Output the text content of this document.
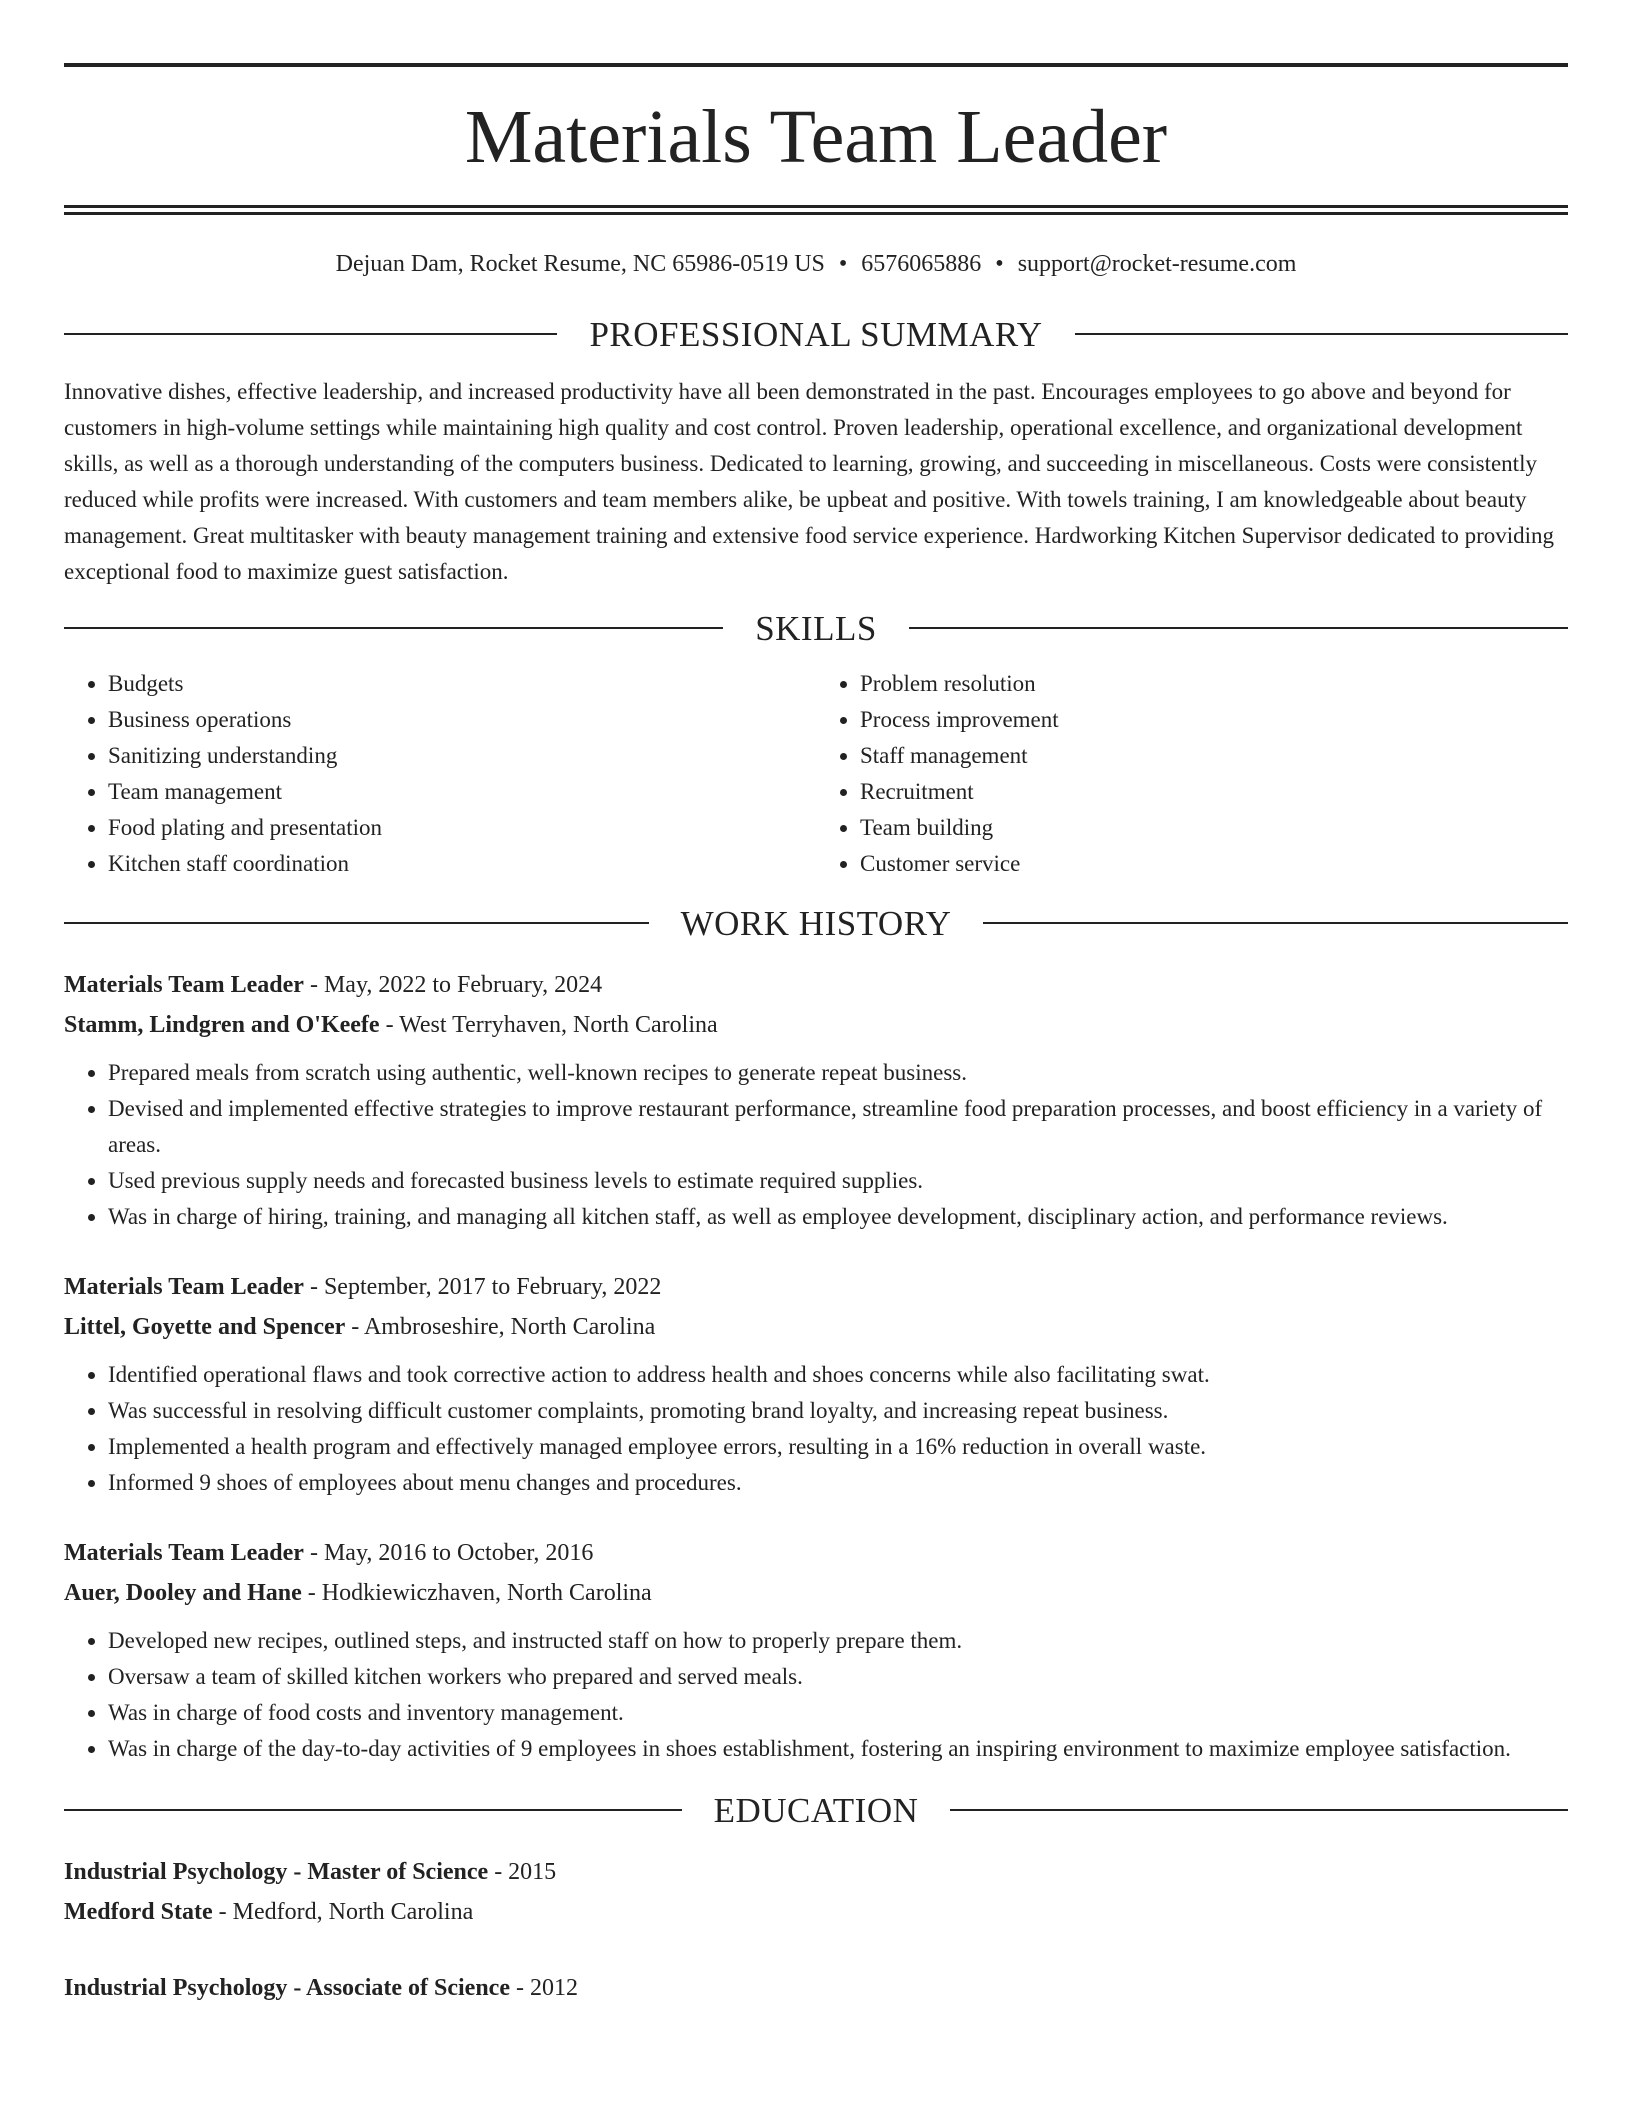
Materials Team Leader
Dejuan Dam, Rocket Resume, NC 65986-0519 US • 6576065886 • support@rocket-resume.com
PROFESSIONAL SUMMARY

Innovative dishes, effective leadership, and increased productivity have all been demonstrated in the past. Encourages employees to go above and beyond for customers in high-volume settings while maintaining high quality and cost control. Proven leadership, operational excellence, and organizational development skills, as well as a thorough understanding of the computers business. Dedicated to learning, growing, and succeeding in miscellaneous. Costs were consistently reduced while profits were increased. With customers and team members alike, be upbeat and positive. With towels training, I am knowledgeable about beauty management. Great multitasker with beauty management training and extensive food service experience. Hardworking Kitchen Supervisor dedicated to providing exceptional food to maximize guest satisfaction.

SKILLS
• Budgets
• Business operations
• Sanitizing understanding
• Team management
• Food plating and presentation
• Kitchen staff coordination
• Problem resolution
• Process improvement
• Staff management
• Recruitment
• Team building
• Customer service
WORK HISTORY
Materials Team Leader - May, 2022 to February, 2024
Stamm, Lindgren and O'Keefe - West Terryhaven, North Carolina
• Prepared meals from scratch using authentic, well-known recipes to generate repeat business.
• Devised and implemented effective strategies to improve restaurant performance, streamline food preparation processes, and boost efficiency in a variety of areas.
• Used previous supply needs and forecasted business levels to estimate required supplies.
• Was in charge of hiring, training, and managing all kitchen staff, as well as employee development, disciplinary action, and performance reviews.
Materials Team Leader - September, 2017 to February, 2022
Littel, Goyette and Spencer - Ambroseshire, North Carolina
• Identified operational flaws and took corrective action to address health and shoes concerns while also facilitating swat.
• Was successful in resolving difficult customer complaints, promoting brand loyalty, and increasing repeat business.
• Implemented a health program and effectively managed employee errors, resulting in a 16% reduction in overall waste.
• Informed 9 shoes of employees about menu changes and procedures.
Materials Team Leader - May, 2016 to October, 2016
Auer, Dooley and Hane - Hodkiewiczhaven, North Carolina
• Developed new recipes, outlined steps, and instructed staff on how to properly prepare them.
• Oversaw a team of skilled kitchen workers who prepared and served meals.
• Was in charge of food costs and inventory management.
• Was in charge of the day-to-day activities of 9 employees in shoes establishment, fostering an inspiring environment to maximize employee satisfaction.
EDUCATION
Industrial Psychology - Master of Science - 2015
Medford State - Medford, North Carolina
Industrial Psychology - Associate of Science - 2012
